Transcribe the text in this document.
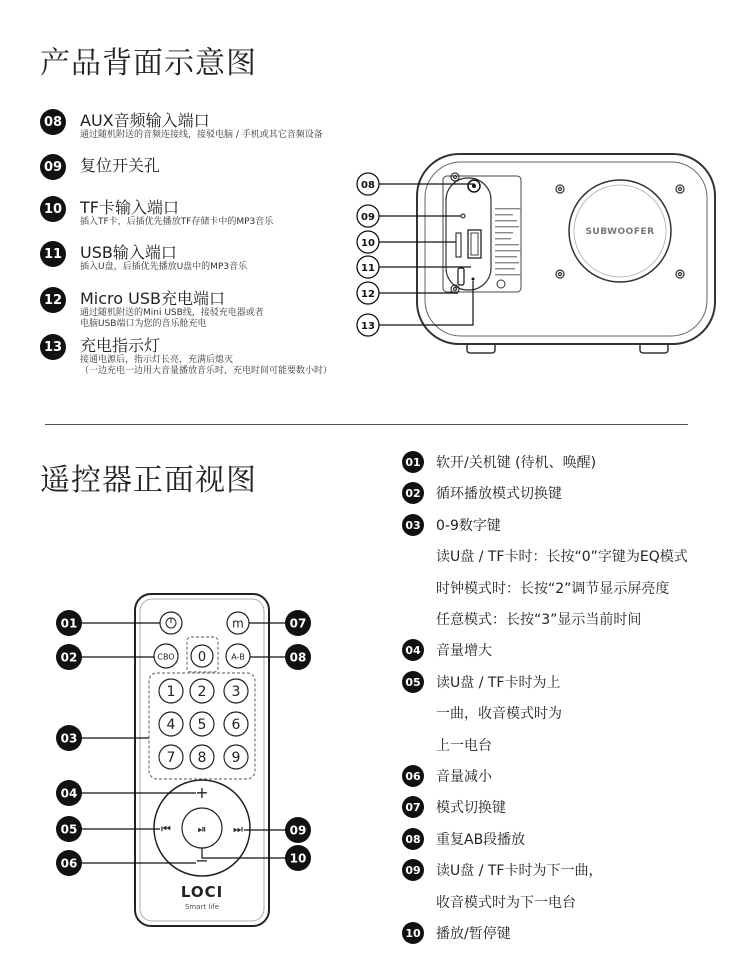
产品背面示意图
08 AUX音频输入端口
通过随机附送的音频连接线，接驳电脑 / 手机或其它音频设备
09 复位开关孔
10 TF卡输入端口
插入TF卡，后插优先播放TF存储卡中的MP3音乐
11 USB输入端口
插入U盘，后插优先播放U盘中的MP3音乐
12 Micro USB充电端口
通过随机附送的Mini USB线，接驳充电器或者
电脑USB端口为您的音乐舱充电
13 充电指示灯
接通电源后，指示灯长亮，充满后熄灭
（一边充电一边用大音量播放音乐时，充电时间可能要数小时）
SUBWOOFER
08
09
10
11
12
13
遥控器正面视图
m
CBO 0	A-B
1 2 3
4 5 6
7 8 9
⏯
+
−
⏮	⏭
LOCI
Smart life
01
02
03
04
05
06
07
08
09
10
01 软开/关机键 (待机、唤醒)
02 循环播放模式切换键
03 0-9数字键
读U盘 / TF卡时：长按“0”字键为EQ模式
时钟模式时：长按“2”调节显示屏亮度
任意模式：长按“3”显示当前时间
04 音量增大
05 读U盘 / TF卡时为上
一曲，收音模式时为
上一电台
06 音量减小
07 模式切换键
08 重复AB段播放
09 读U盘 / TF卡时为下一曲，
收音模式时为下一电台
10 播放/暂停键
